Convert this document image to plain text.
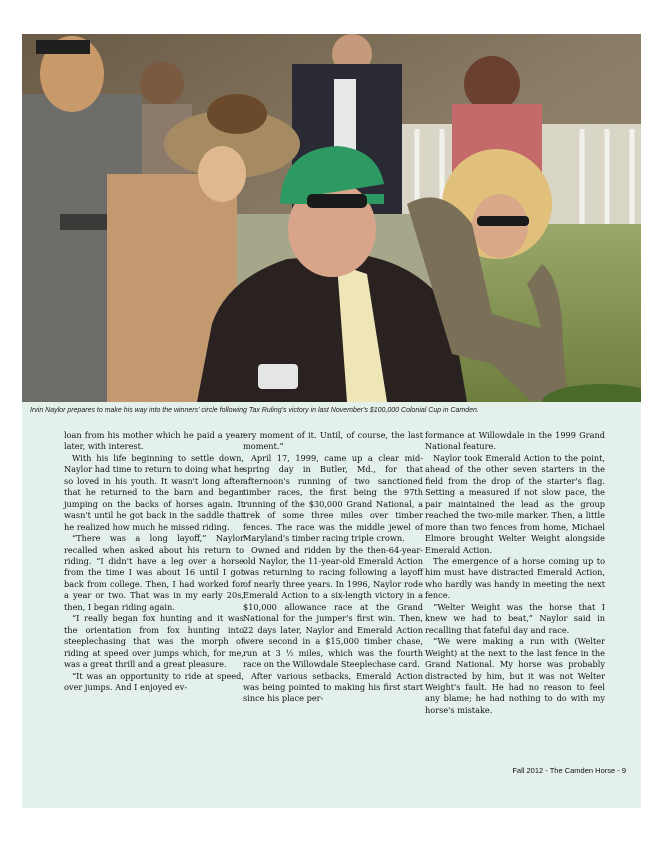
Irvin Naylor prepares to make his way into the winners' circle following Tax Ruling's victory in last November's $100,000 Colonial Cup in Camden.

loan from his mother which he paid a year later, with interest.

With his life beginning to settle down, Naylor had time to return to doing what he so loved in his youth. It wasn't long after that he returned to the barn and began jumping on the backs of horses again. It wasn't until he got back in the saddle that he realized how much he missed riding.

“There was a long layoff,” Naylor recalled when asked about his return to riding. “I didn't have a leg over a horse from the time I was about 16 until I got back from college. Then, I had worked for a year or two. That was in my early 20s, then, I began riding again.

“I really began fox hunting and it was the orientation from fox hunting into steeplechasing that was the morph of riding at speed over jumps which, for me, was a great thrill and a great pleasure.

“It was an opportunity to ride at speed, over jumps. And I enjoyed ev-

ery moment of it. Until, of course, the last moment.”

April 17, 1999, came up a clear mid-spring day in Butler, Md., for that afternoon's running of two sanctioned timber races, the first being the 97th running of the $30,000 Grand National, a trek of some three miles over timber fences. The race was the middle jewel of Maryland's timber racing triple crown.

Owned and ridden by the then-64-year-old Naylor, the 11-year-old Emerald Action was returning to racing following a layoff of nearly three years. In 1996, Naylor rode Emerald Action to a six-length victory in a $10,000 allowance race at the Grand National for the jumper's first win. Then, 22 days later, Naylor and Emerald Action were second in a $15,000 timber chase, run at 3 ½ miles, which was the fourth race on the Willowdale Steeplechase card.

After various setbacks, Emerald Action was being pointed to making his first start since his place per-

formance at Willowdale in the 1999 Grand National feature.

Naylor took Emerald Action to the point, ahead of the other seven starters in the field from the drop of the starter's flag. Setting a measured if not slow pace, the pair maintained the lead as the group reached the two-mile marker. Then, a little more than two fences from home, Michael Elmore brought Welter Weight alongside Emerald Action.

The emergence of a horse coming up to him must have distracted Emerald Action, who hardly was handy in meeting the next fence.

“Welter Weight was the horse that I knew we had to beat,” Naylor said in recalling that fateful day and race.

“We were making a run with (Welter Weight) at the next to the last fence in the Grand National. My horse was probably distracted by him, but it was not Welter Weight's fault. He had no reason to feel any blame; he had nothing to do with my horse's mistake.

Fall 2012 - The Camden Horse - 9
